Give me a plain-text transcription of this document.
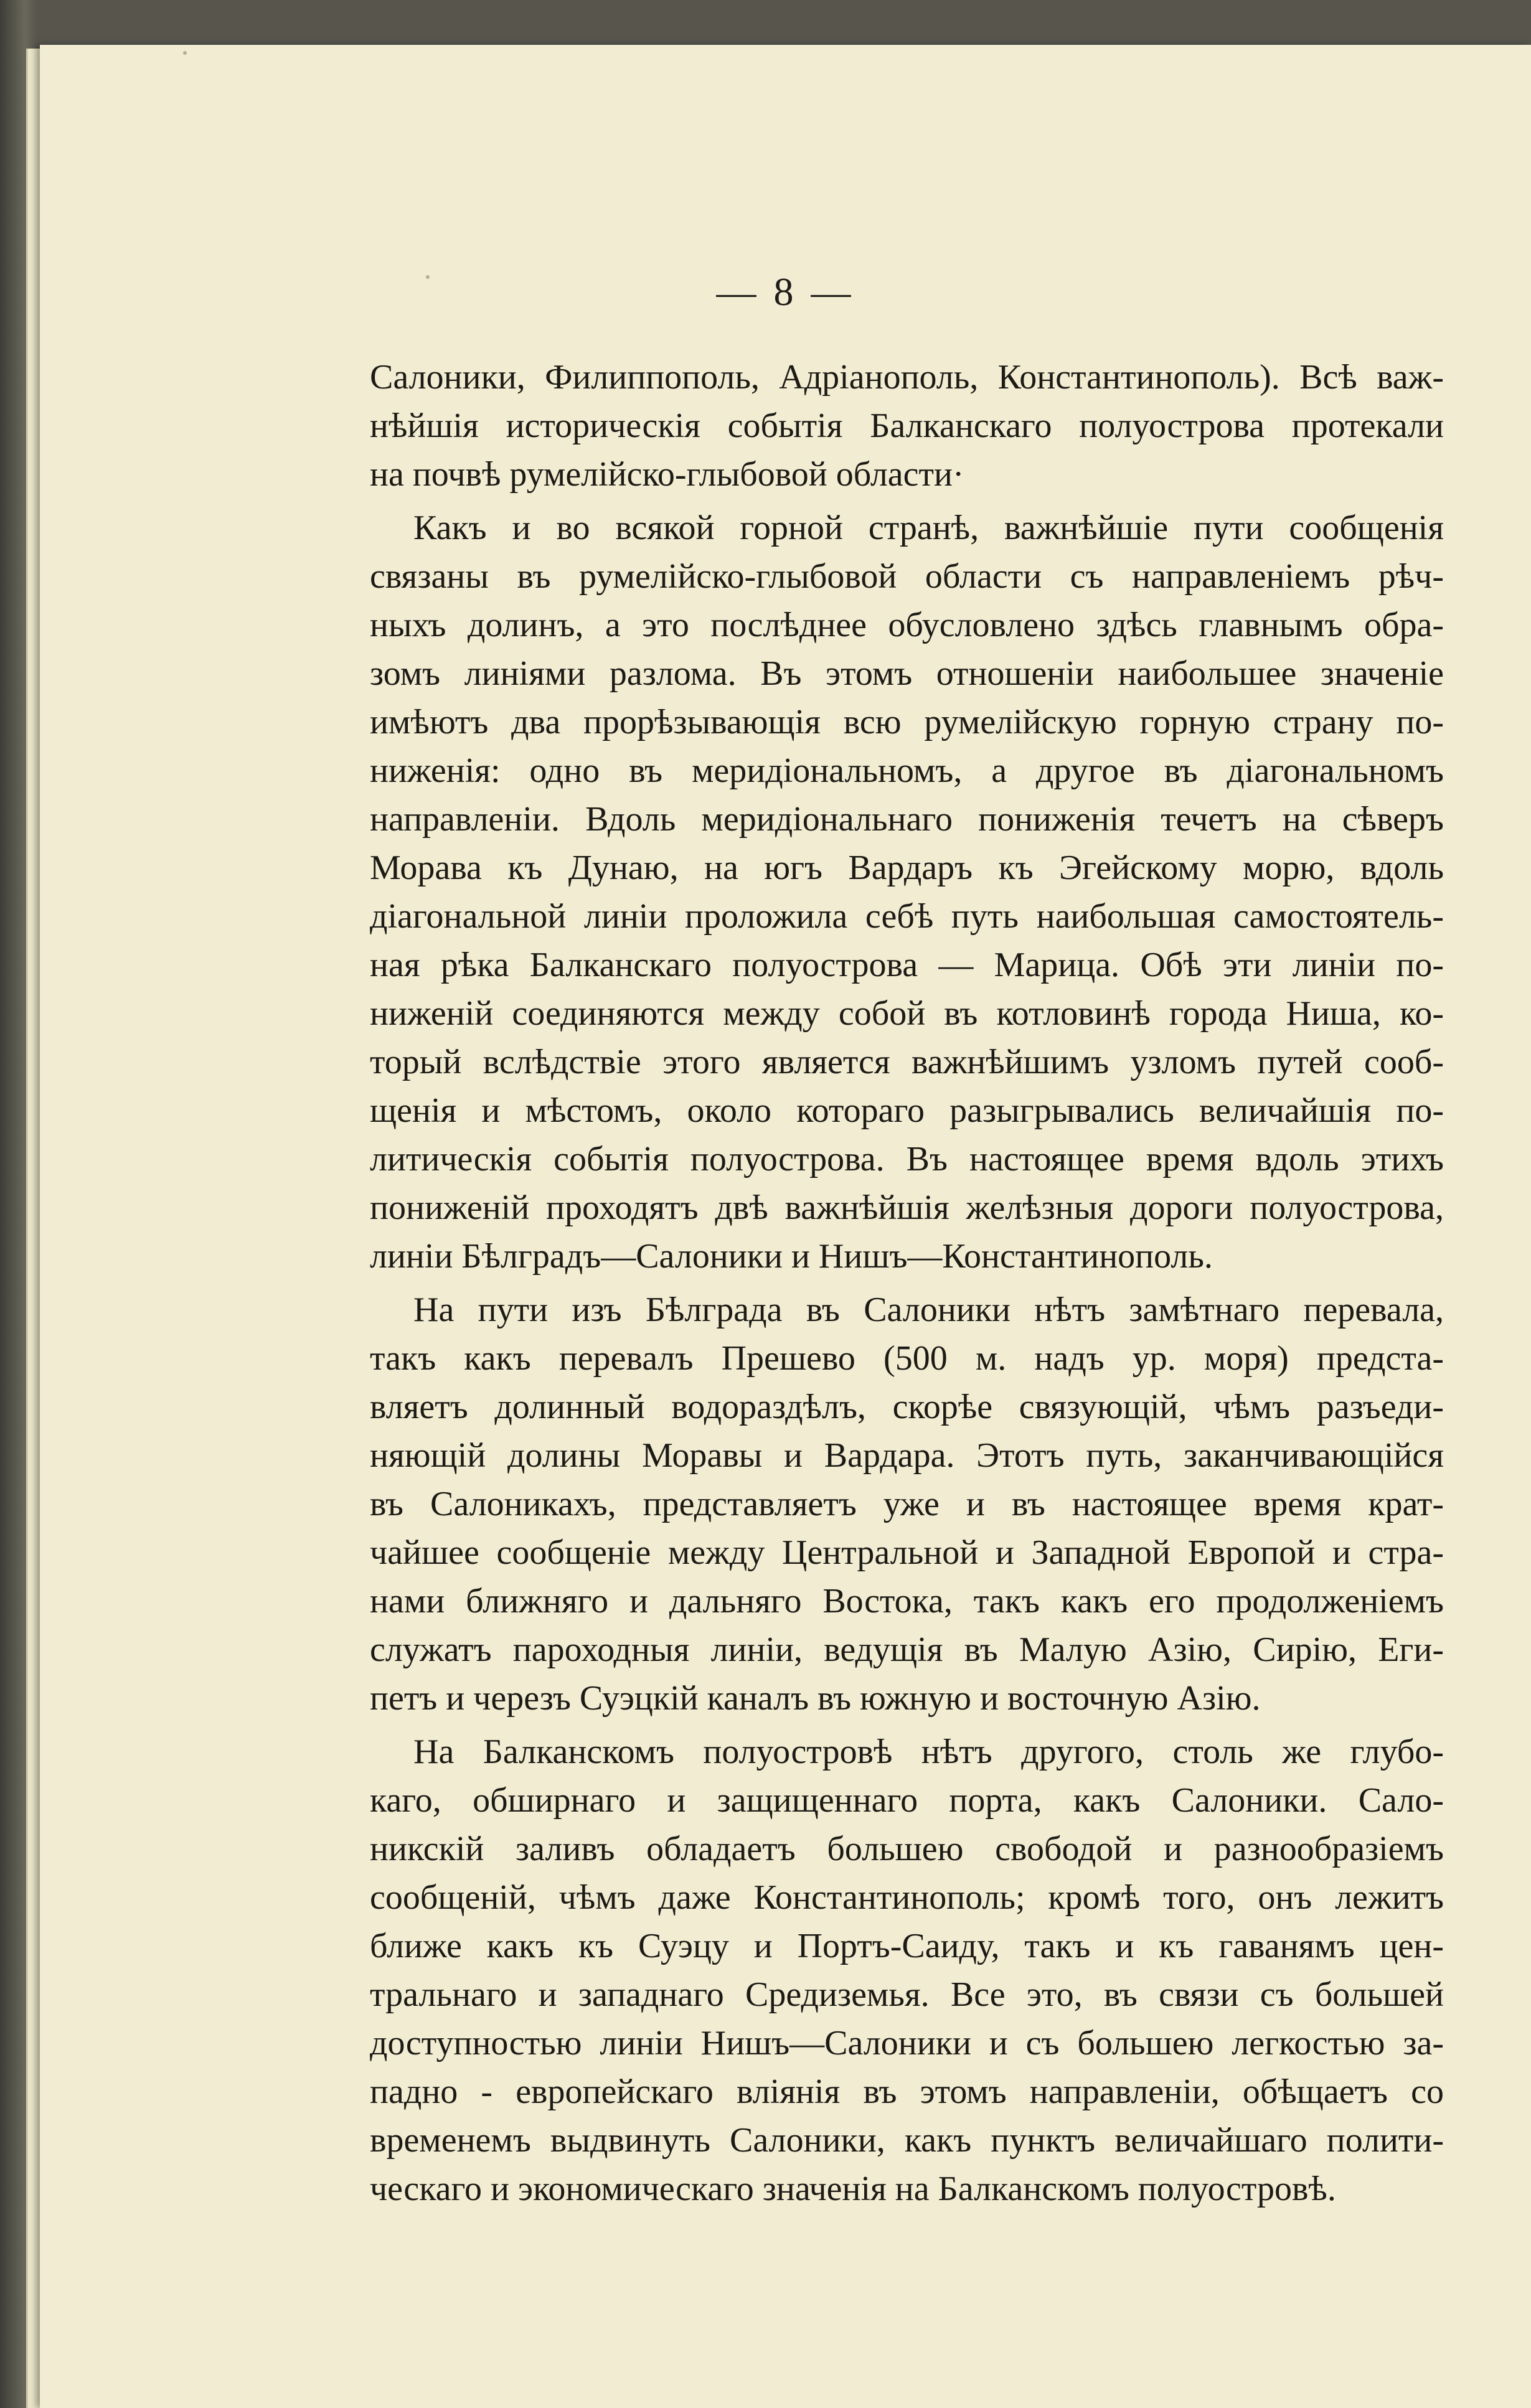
— 8 —
Салоники, Филиппополь, Адріанополь, Константинополь). Всѣ важ-
нѣйшія историческія событія Балканскаго полуострова протекали
на почвѣ румелійско-глыбовой области·
Какъ и во всякой горной странѣ, важнѣйшіе пути сообщенія
связаны въ румелійско-глыбовой области съ направленіемъ рѣч-
ныхъ долинъ, а это послѣднее обусловлено здѣсь главнымъ обра-
зомъ линіями разлома. Въ этомъ отношеніи наибольшее значеніе
имѣютъ два прорѣзывающія всю румелійскую горную страну по-
ниженія: одно въ меридіональномъ, а другое въ діагональномъ
направленіи. Вдоль меридіональнаго пониженія течетъ на сѣверъ
Морава къ Дунаю, на югъ Вардаръ къ Эгейскому морю, вдоль
діагональной линіи проложила себѣ путь наибольшая самостоятель-
ная рѣка Балканскаго полуострова — Марица. Обѣ эти линіи по-
ниженій соединяются между собой въ котловинѣ города Ниша, ко-
торый вслѣдствіе этого является важнѣйшимъ узломъ путей сооб-
щенія и мѣстомъ, около котораго разыгрывались величайшія по-
литическія событія полуострова. Въ настоящее время вдоль этихъ
пониженій проходятъ двѣ важнѣйшія желѣзныя дороги полуострова,
линіи Бѣлградъ—Салоники и Нишъ—Константинополь.
На пути изъ Бѣлграда въ Салоники нѣтъ замѣтнаго перевала,
такъ какъ перевалъ Прешево (500 м. надъ ур. моря) предста-
вляетъ долинный водораздѣлъ, скорѣе связующій, чѣмъ разъеди-
няющій долины Моравы и Вардара. Этотъ путь, заканчивающійся
въ Салоникахъ, представляетъ уже и въ настоящее время крат-
чайшее сообщеніе между Центральной и Западной Европой и стра-
нами ближняго и дальняго Востока, такъ какъ его продолженіемъ
служатъ пароходныя линіи, ведущія въ Малую Азію, Сирію, Еги-
петъ и черезъ Суэцкій каналъ въ южную и восточную Азію.
На Балканскомъ полуостровѣ нѣтъ другого, столь же глубо-
каго, обширнаго и защищеннаго порта, какъ Салоники. Сало-
никскій заливъ обладаетъ большею свободой и разнообразіемъ
сообщеній, чѣмъ даже Константинополь; кромѣ того, онъ лежитъ
ближе какъ къ Суэцу и Портъ-Саиду, такъ и къ гаванямъ цен-
тральнаго и западнаго Средиземья. Все это, въ связи съ большей
доступностью линіи Нишъ—Салоники и съ большею легкостью за-
падно - европейскаго вліянія въ этомъ направленіи, обѣщаетъ со
временемъ выдвинуть Салоники, какъ пунктъ величайшаго полити-
ческаго и экономическаго значенія на Балканскомъ полуостровѣ.
